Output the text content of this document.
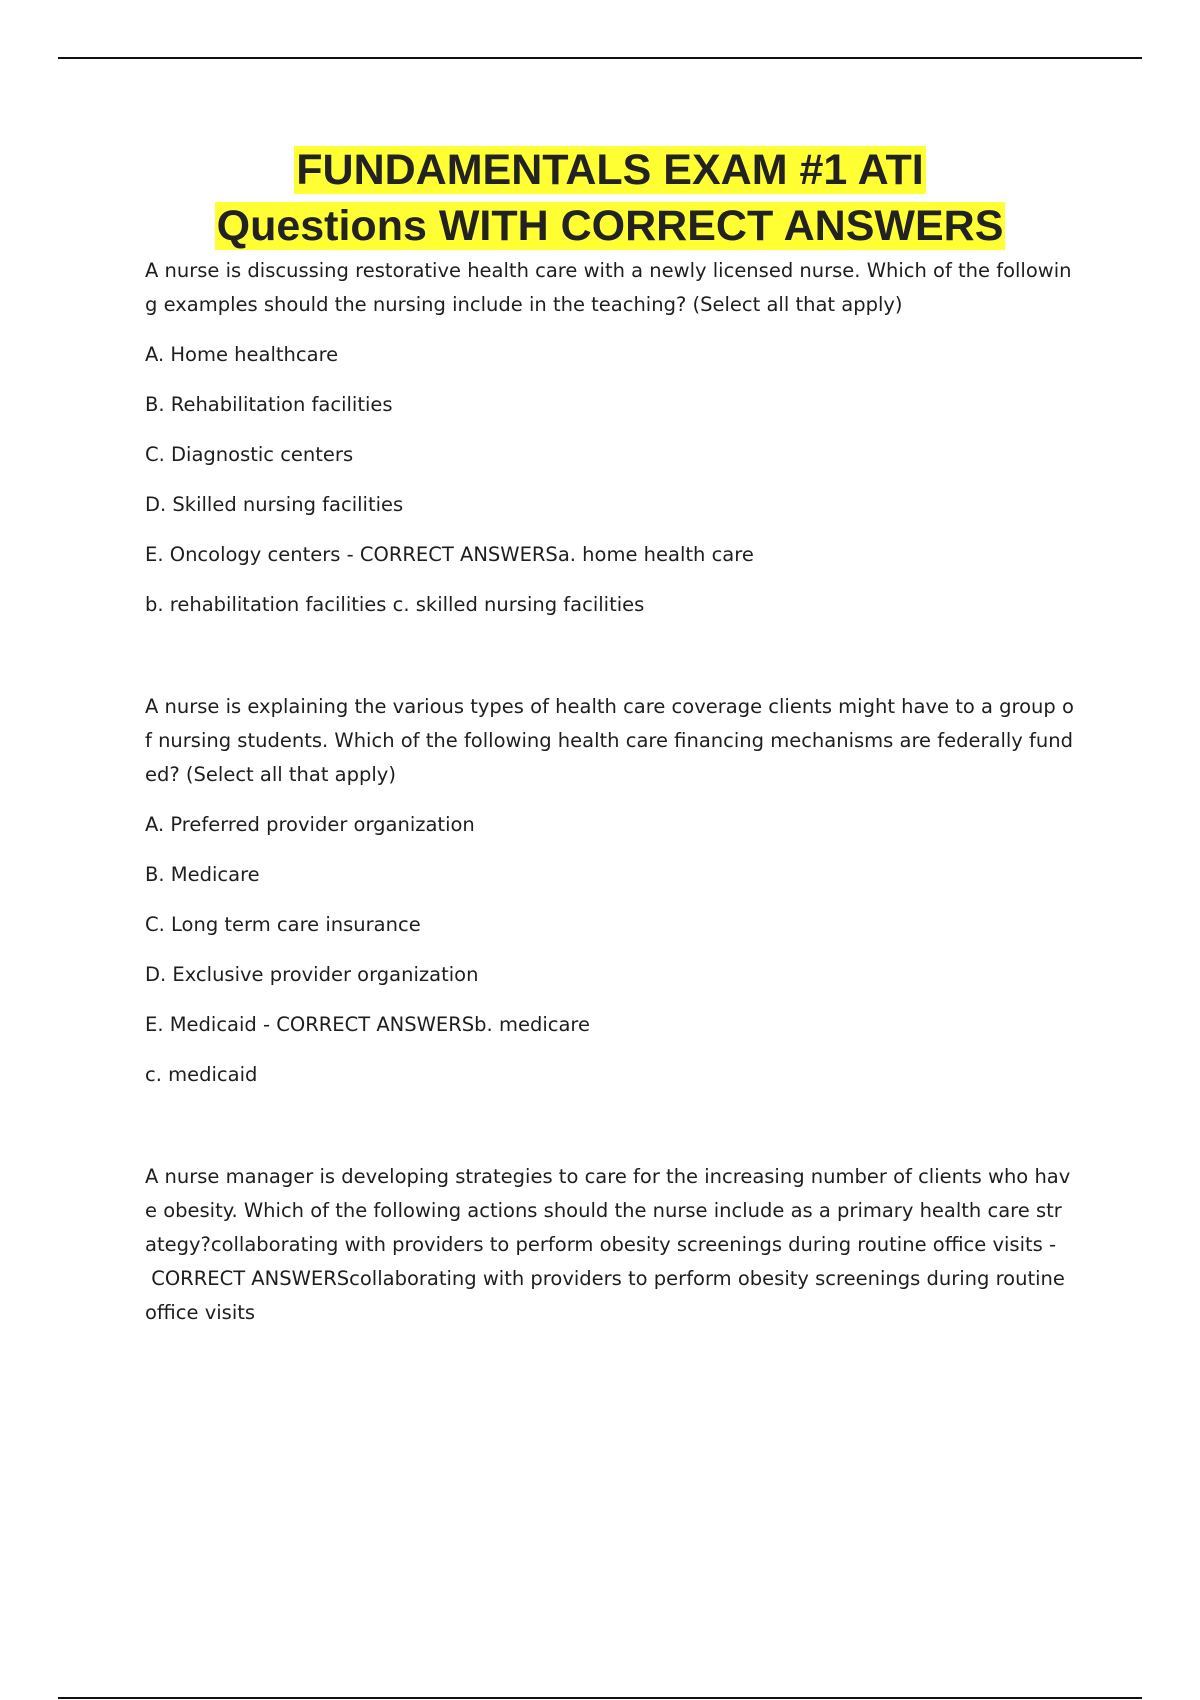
FUNDAMENTALS EXAM #1 ATI
Questions WITH CORRECT ANSWERS

A nurse is discussing restorative health care with a newly licensed nurse. Which of the followin

g examples should the nursing include in the teaching? (Select all that apply)

A. Home healthcare

B. Rehabilitation facilities

C. Diagnostic centers

D. Skilled nursing facilities

E. Oncology centers - CORRECT ANSWERSa. home health care

b. rehabilitation facilities c. skilled nursing facilities

A nurse is explaining the various types of health care coverage clients might have to a group o

f nursing students. Which of the following health care financing mechanisms are federally fund

ed? (Select all that apply)

A. Preferred provider organization

B. Medicare

C. Long term care insurance

D. Exclusive provider organization

E. Medicaid - CORRECT ANSWERSb. medicare

c. medicaid

A nurse manager is developing strategies to care for the increasing number of clients who hav

e obesity. Which of the following actions should the nurse include as a primary health care str

ategy?collaborating with providers to perform obesity screenings during routine office visits -

CORRECT ANSWERScollaborating with providers to perform obesity screenings during routine

office visits
